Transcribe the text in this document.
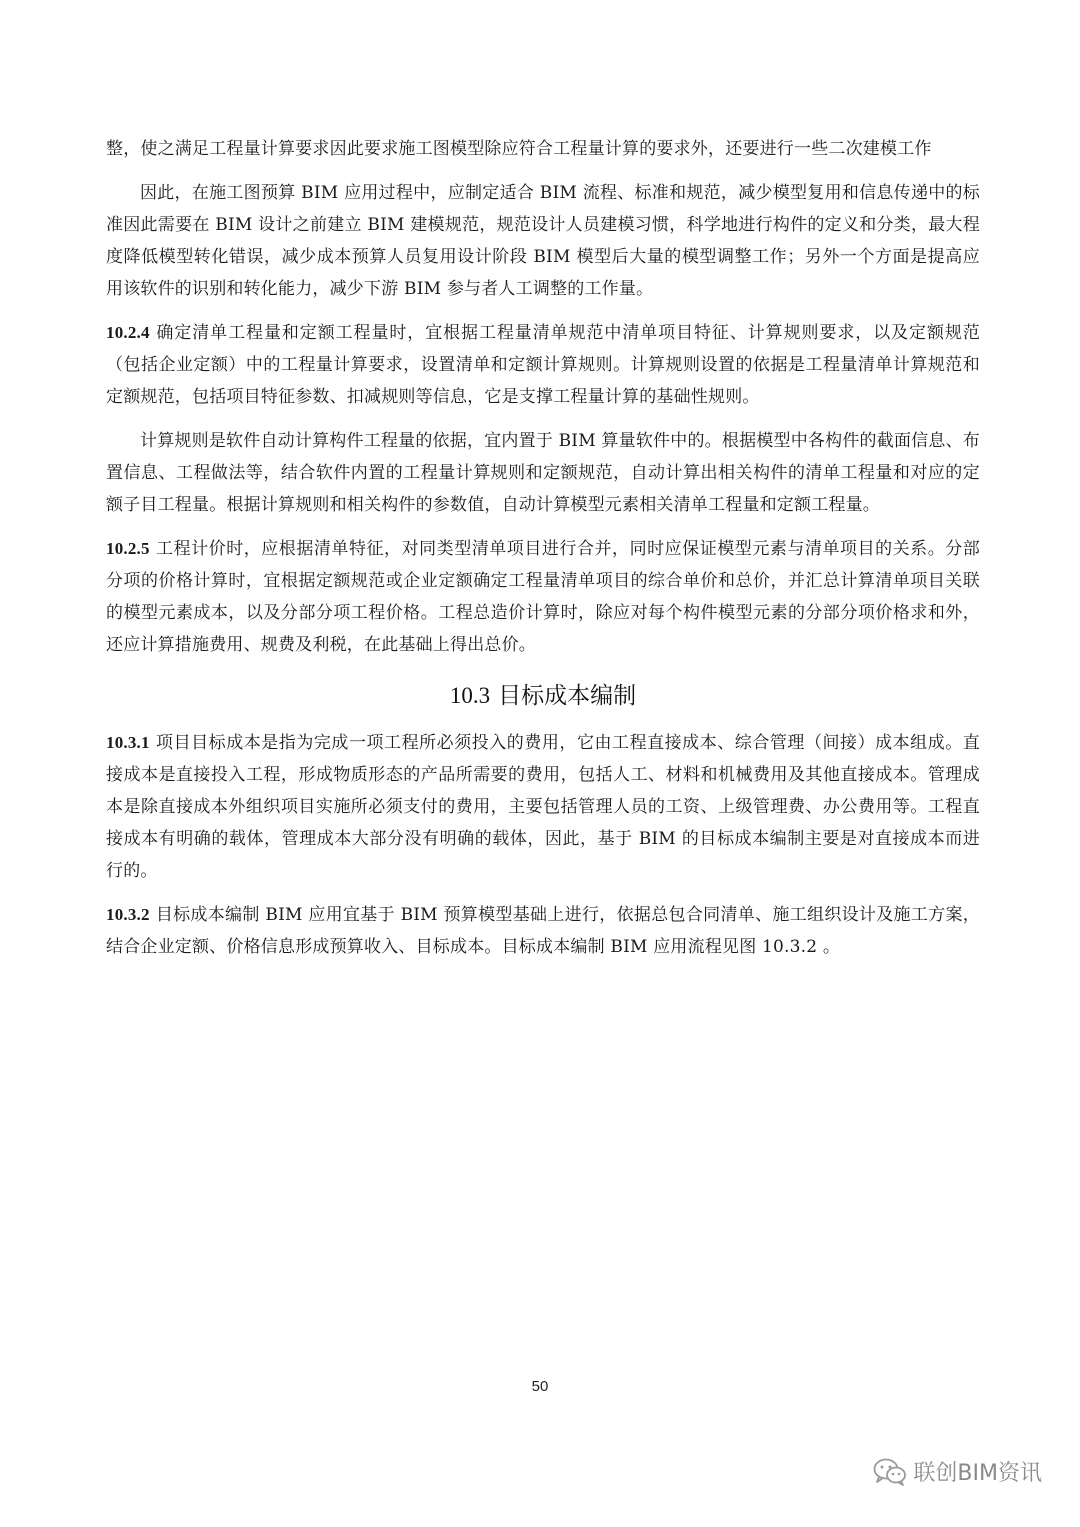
整，使之满足工程量计算要求因此要求施工图模型除应符合工程量计算的要求外，还要进行一些二次建模工作

因此，在施工图预算 BIM 应用过程中，应制定适合 BIM 流程、标准和规范，减少模型复用和信息传递中的标准因此需要在 BIM 设计之前建立 BIM 建模规范，规范设计人员建模习惯，科学地进行构件的定义和分类，最大程度降低模型转化错误，减少成本预算人员复用设计阶段 BIM 模型后大量的模型调整工作；另外一个方面是提高应用该软件的识别和转化能力，减少下游 BIM 参与者人工调整的工作量。

10.2.4 确定清单工程量和定额工程量时，宜根据工程量清单规范中清单项目特征、计算规则要求，以及定额规范（包括企业定额）中的工程量计算要求，设置清单和定额计算规则。计算规则设置的依据是工程量清单计算规范和定额规范，包括项目特征参数、扣减规则等信息，它是支撑工程量计算的基础性规则。

计算规则是软件自动计算构件工程量的依据，宜内置于 BIM 算量软件中的。根据模型中各构件的截面信息、布置信息、工程做法等，结合软件内置的工程量计算规则和定额规范，自动计算出相关构件的清单工程量和对应的定额子目工程量。根据计算规则和相关构件的参数值，自动计算模型元素相关清单工程量和定额工程量。

10.2.5 工程计价时，应根据清单特征，对同类型清单项目进行合并，同时应保证模型元素与清单项目的关系。分部分项的价格计算时，宜根据定额规范或企业定额确定工程量清单项目的综合单价和总价，并汇总计算清单项目关联的模型元素成本，以及分部分项工程价格。工程总造价计算时，除应对每个构件模型元素的分部分项价格求和外，还应计算措施费用、规费及利税，在此基础上得出总价。

10.3 目标成本编制

10.3.1 项目目标成本是指为完成一项工程所必须投入的费用，它由工程直接成本、综合管理（间接）成本组成。直接成本是直接投入工程，形成物质形态的产品所需要的费用，包括人工、材料和机械费用及其他直接成本。管理成本是除直接成本外组织项目实施所必须支付的费用，主要包括管理人员的工资、上级管理费、办公费用等。工程直接成本有明确的载体，管理成本大部分没有明确的载体，因此，基于 BIM 的目标成本编制主要是对直接成本而进行的。

10.3.2 目标成本编制 BIM 应用宜基于 BIM 预算模型基础上进行，依据总包合同清单、施工组织设计及施工方案，结合企业定额、价格信息形成预算收入、目标成本。目标成本编制 BIM 应用流程见图 10.3.2 。

50
联创BIM资讯
